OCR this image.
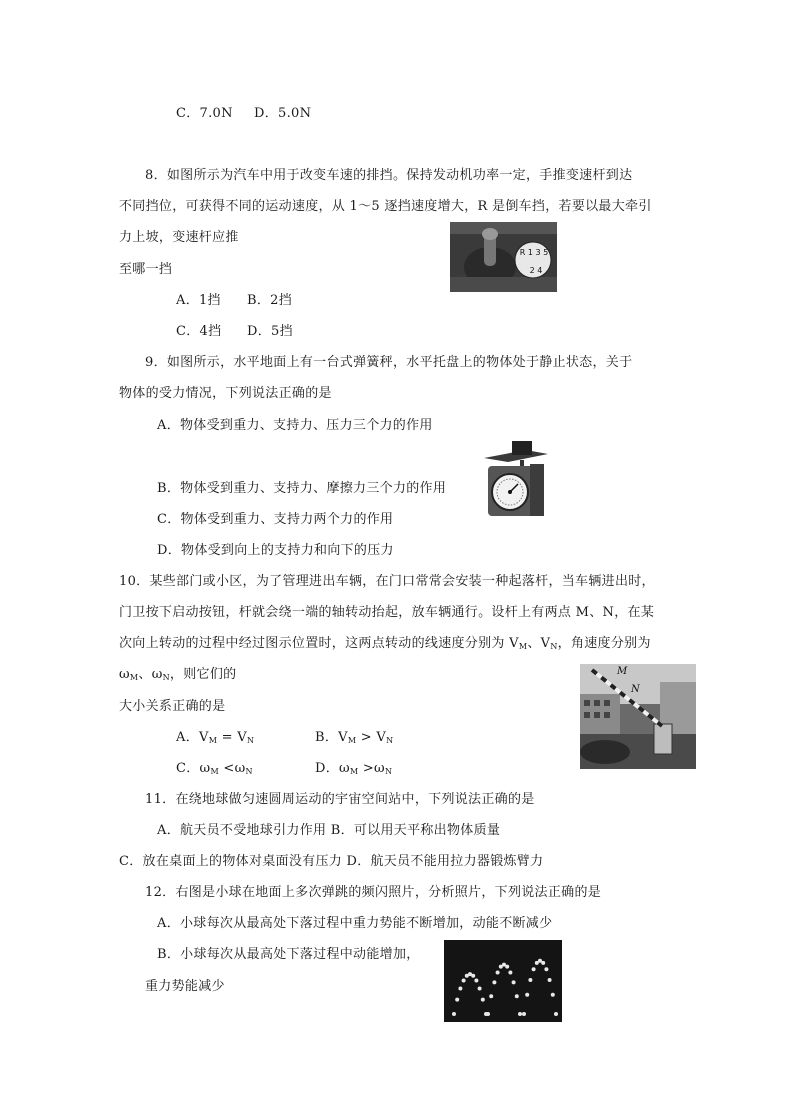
C．7.0N D．5.0N
8．如图所示为汽车中用于改变车速的排挡。保持发动机功率一定，手推变速杆到达
不同挡位，可获得不同的运动速度，从 1～5 逐挡速度增大，R 是倒车挡，若要以最大牵引
力上坡，变速杆应推
至哪一挡
A．1挡 B．2挡
C．4挡 D．5挡
R 1 3 5
2 4
9．如图所示，水平地面上有一台式弹簧秤，水平托盘上的物体处于静止状态，关于
物体的受力情况，下列说法正确的是
A．物体受到重力、支持力、压力三个力的作用
B．物体受到重力、支持力、摩擦力三个力的作用
C．物体受到重力、支持力两个力的作用
D．物体受到向上的支持力和向下的压力
10．某些部门或小区，为了管理进出车辆，在门口常常会安装一种起落杆，当车辆进出时，
门卫按下启动按钮，杆就会绕一端的轴转动抬起，放车辆通行。设杆上有两点 M、N，在某
次向上转动的过程中经过图示位置时，这两点转动的线速度分别为 $V_M$、$V_N$，角速度分别为
$\omega_M$、$\omega_N$，则它们的
大小关系正确的是
A．$V_M = V_N$	B．$V_M > V_N$
C．$\omega_M <\omega_N$	D．$\omega_M >\omega_N$
M
N
11．在绕地球做匀速圆周运动的宇宙空间站中，下列说法正确的是
A．航天员不受地球引力作用 B．可以用天平称出物体质量
C．放在桌面上的物体对桌面没有压力 D．航天员不能用拉力器锻炼臂力
12．右图是小球在地面上多次弹跳的频闪照片，分析照片，下列说法正确的是
A．小球每次从最高处下落过程中重力势能不断增加，动能不断减少
B．小球每次从最高处下落过程中动能增加，
重力势能减少
